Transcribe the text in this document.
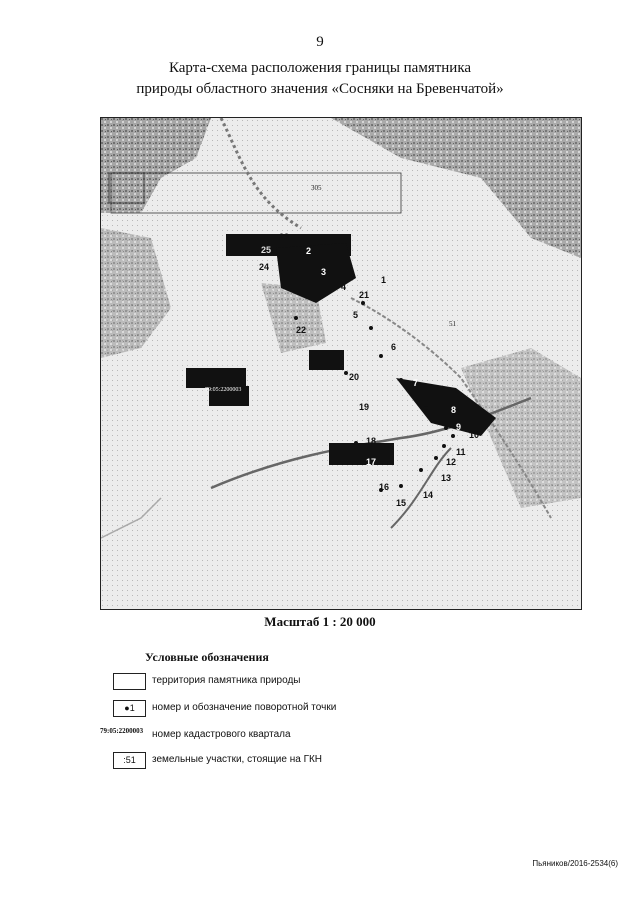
9
Карта-схема расположения границы памятника
природы областного значения «Сосняки на Бревенчатой»
23
2
25
3
4
24
5
22
6
20
7
8
9
10
11
12
13
14
15
16
17
18
19
1
21
305
51
79:05:2200003
Масштаб 1 : 20 000
Условные обозначения
территория памятника природы
●1	номер и обозначение поворотной точки
79:05:2200003 номер кадастрового квартала
:51	земельные участки, стоящие на ГКН
Пьяников/2016-2534(6)
